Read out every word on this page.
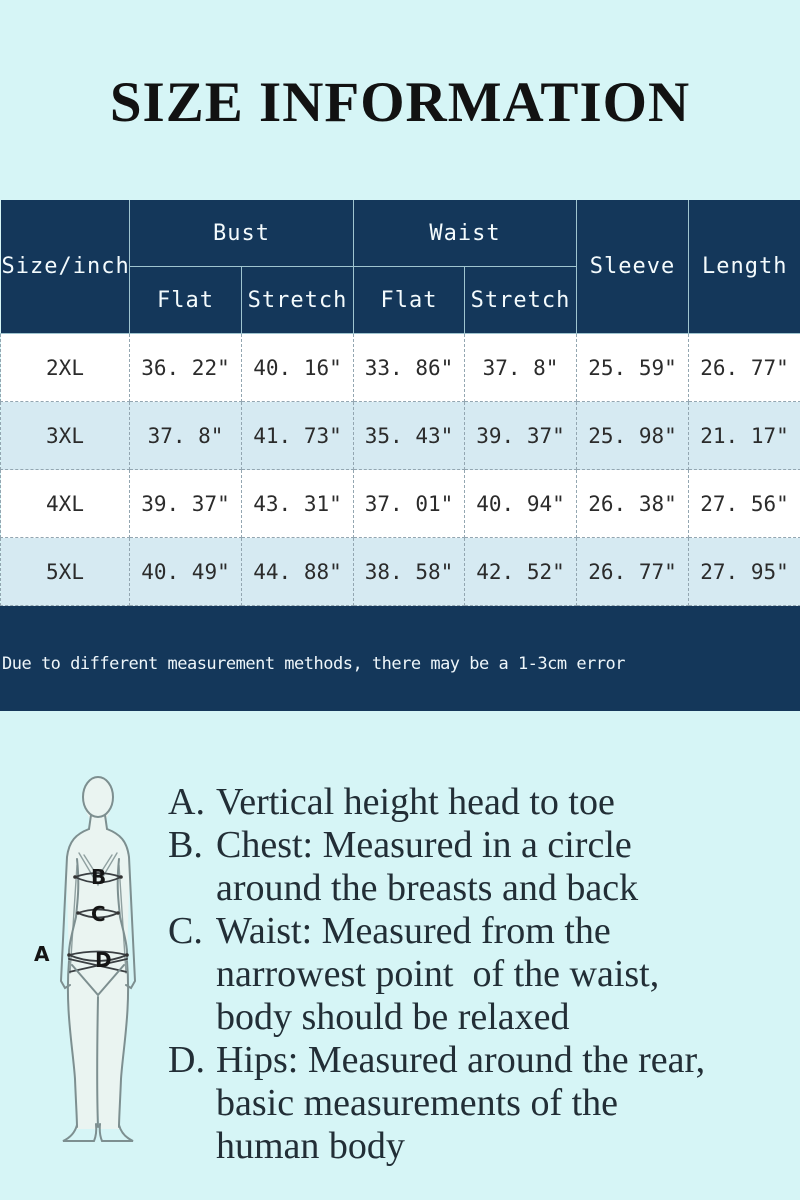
SIZE INFORMATION
Size/inch	Bust		Waist		Sleeve	Length
	Flat	Stretch	Flat	Stretch		
2XL	36. 22"	40. 16"	33. 86"	37. 8"	25. 59"	26. 77"
3XL	37. 8"	41. 73"	35. 43"	39. 37"	25. 98"	21. 17"
4XL	39. 37"	43. 31"	37. 01"	40. 94"	26. 38"	27. 56"
5XL	40. 49"	44. 88"	38. 58"	42. 52"	26. 77"	27. 95"
Due to different measurement methods, there may be a 1-3cm error
A
B
C
D
A. Vertical height head to toe
B. Chest: Measured in a circle
around the breasts and back
C. Waist: Measured from the
narrowest point  of the waist,
body should be relaxed
D. Hips: Measured around the rear,
basic measurements of the
human body
